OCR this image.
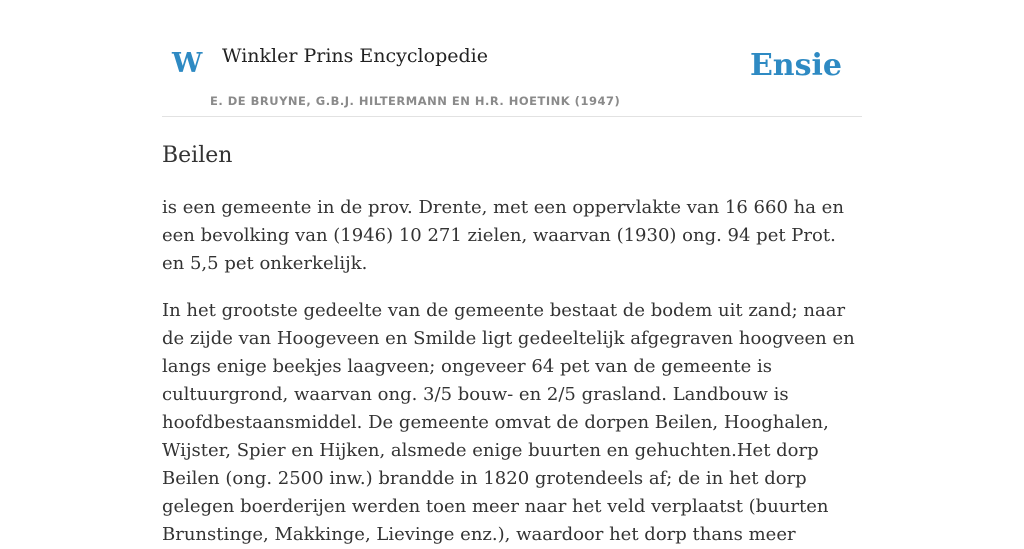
W Winkler Prins Encyclopedie
E. DE BRUYNE, G.B.J. HILTERMANN EN H.R. HOETINK (1947)
Ensie
Beilen

is een gemeente in de prov. Drente, met een oppervlakte van 16 660 ha en een bevolking van (1946) 10 271 zielen, waarvan (1930) ong. 94 pet Prot. en 5,5 pet onkerkelijk.

In het grootste gedeelte van de gemeente bestaat de bodem uit zand; naar de zijde van Hoogeveen en Smilde ligt gedeeltelijk afgegraven hoogveen en langs enige beekjes laagveen; ongeveer 64 pet van de gemeente is cultuurgrond, waarvan ong. 3/5 bouw- en 2/5 grasland. Landbouw is hoofdbestaansmiddel. De gemeente omvat de dorpen Beilen, Hooghalen, Wijster, Spier en Hijken, alsmede enige buurten en gehuchten.Het dorp Beilen (ong. 2500 inw.) brandde in 1820 grotendeels af; de in het dorp gelegen boerderijen werden toen meer naar het veld verplaatst (buurten Brunstinge, Makkinge, Lievinge enz.), waardoor het dorp thans meer
